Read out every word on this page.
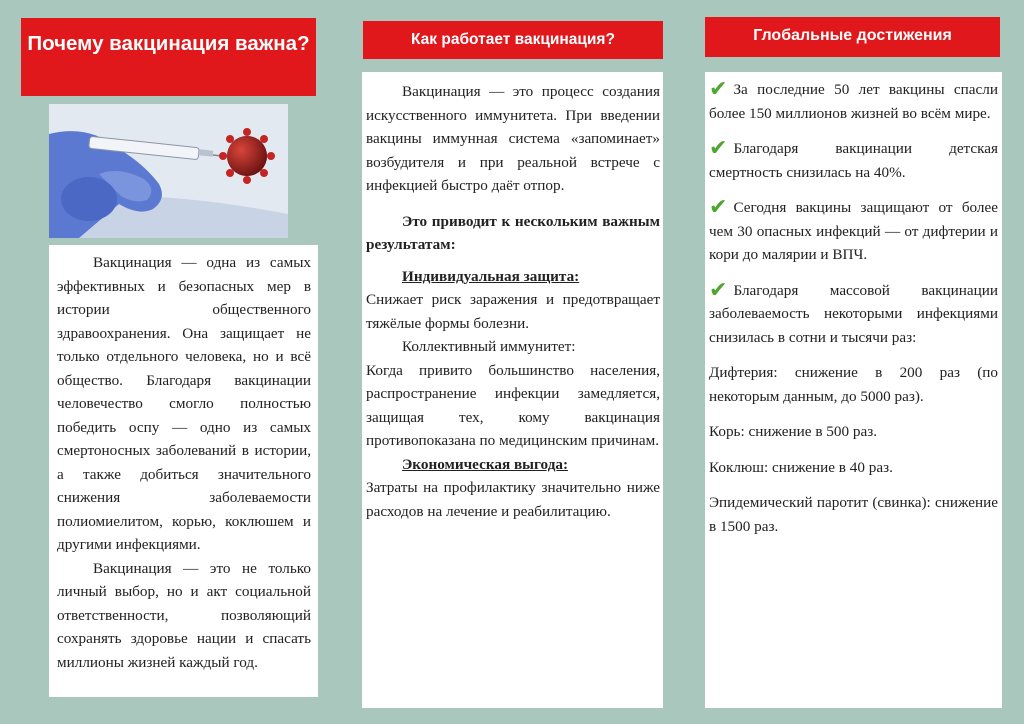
Почему вакцинация важна?

Вакцинация — одна из самых эффективных и безопасных мер в истории общественного здравоохранения. Она защищает не только отдельного человека, но и всё общество. Благодаря вакцинации человечество смогло полностью победить оспу — одно из самых смертоносных заболеваний в истории, а также добиться значительного снижения заболеваемости полиомиелитом, корью, коклюшем и другими инфекциями.

Вакцинация — это не только личный выбор, но и акт социальной ответственности, позволяющий сохранять здоровье нации и спасать миллионы жизней каждый год.

Как работает вакцинация?

Вакцинация — это процесс создания искусственного иммунитета. При введении вакцины иммунная система «запоминает» возбудителя и при реальной встрече с инфекцией быстро даёт отпор.

Это приводит к нескольким важным результатам:

Индивидуальная защита:

Снижает риск заражения и предотвращает тяжёлые формы болезни.

Коллективный иммунитет:

Когда привито большинство населения, распространение инфекции замедляется, защищая тех, кому вакцинация противопоказана по медицинским причинам.

Экономическая выгода:

Затраты на профилактику значительно ниже расходов на лечение и реабилитацию.

Глобальные достижения

✔ За последние 50 лет вакцины спасли более 150 миллионов жизней во всём мире.

✔ Благодаря вакцинации детская смертность снизилась на 40%.

✔ Сегодня вакцины защищают от более чем 30 опасных инфекций — от дифтерии и кори до малярии и ВПЧ.

✔ Благодаря массовой вакцинации заболеваемость некоторыми инфекциями снизилась в сотни и тысячи раз:

Дифтерия: снижение в 200 раз (по некоторым данным, до 5000 раз).

Корь: снижение в 500 раз.

Коклюш: снижение в 40 раз.

Эпидемический паротит (свинка): снижение в 1500 раз.
